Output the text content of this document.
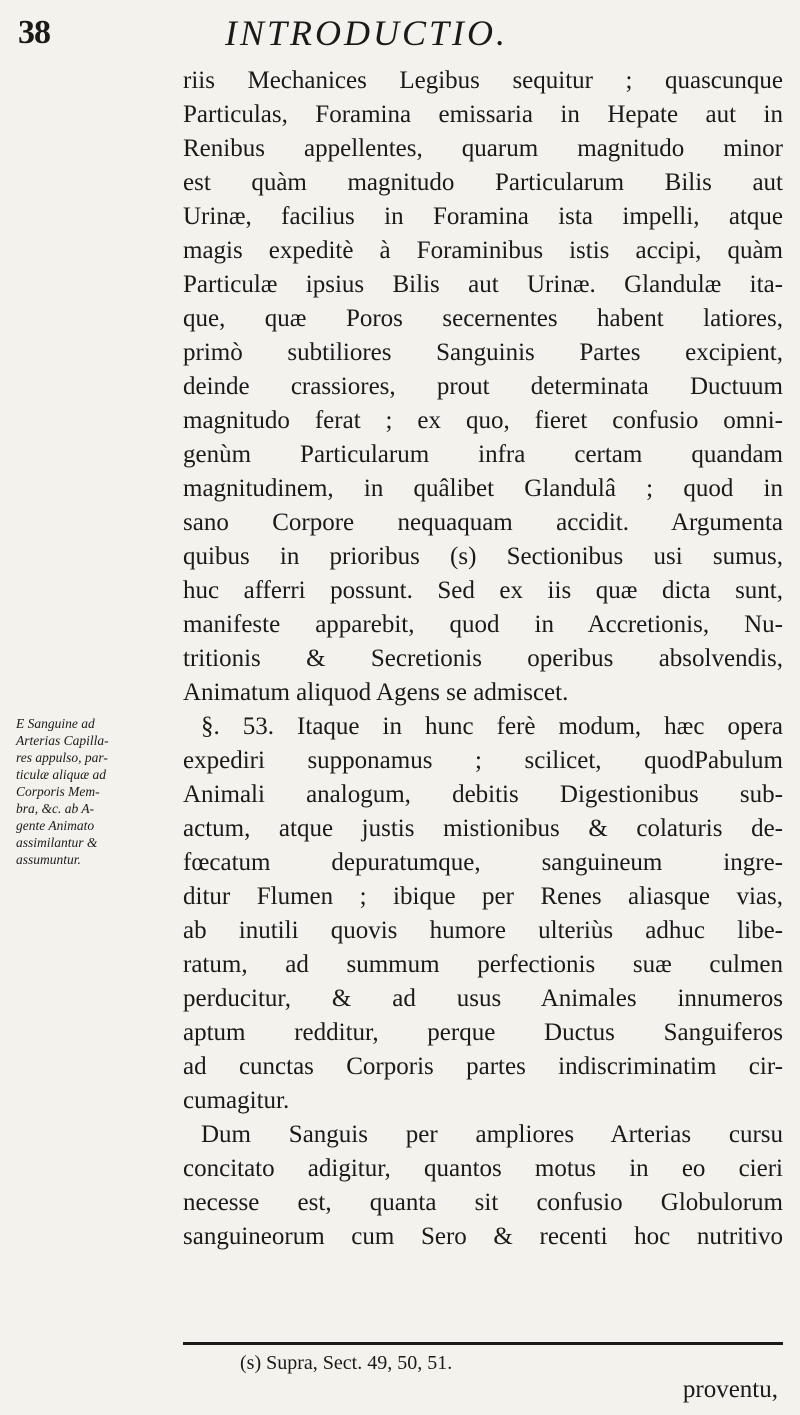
38	INTRODUCTIO.
riis Mechanices Legibus sequitur ; quascunque
Particulas, Foramina emissaria in Hepate aut in
Renibus appellentes, quarum magnitudo minor
est quàm magnitudo Particularum Bilis aut
Urinæ, facilius in Foramina ista impelli, atque
magis expeditè à Foraminibus istis accipi, quàm
Particulæ ipsius Bilis aut Urinæ. Glandulæ ita-
que, quæ Poros secernentes habent latiores,
primò subtiliores Sanguinis Partes excipient,
deinde crassiores, prout determinata Ductuum
magnitudo ferat ; ex quo, fieret confusio omni-
genùm Particularum infra certam quandam
magnitudinem, in quâlibet Glandulâ ; quod in
sano Corpore nequaquam accidit. Argumenta
quibus in prioribus (s) Sectionibus usi sumus,
huc afferri possunt. Sed ex iis quæ dicta sunt,
manifeste apparebit, quod in Accretionis, Nu-
tritionis & Secretionis operibus absolvendis,
Animatum aliquod Agens se admiscet.
§. 53. Itaque in hunc ferè modum, hæc opera
expediri supponamus ; scilicet, quodPabulum
Animali analogum, debitis Digestionibus sub-
actum, atque justis mistionibus & colaturis de-
fœcatum depuratumque, sanguineum ingre-
ditur Flumen ; ibique per Renes aliasque vias,
ab inutili quovis humore ulteriùs adhuc libe-
ratum, ad summum perfectionis suæ culmen
perducitur, & ad usus Animales innumeros
aptum redditur, perque Ductus Sanguiferos
ad cunctas Corporis partes indiscriminatim cir-
cumagitur.
Dum Sanguis per ampliores Arterias cursu
concitato adigitur, quantos motus in eo cieri
necesse est, quanta sit confusio Globulorum
sanguineorum cum Sero & recenti hoc nutritivo
E Sanguine ad
Arterias Capilla-
res appulso, par-
ticulæ aliquæ ad
Corporis Mem-
bra, &c. ab A-
gente Animato
assimilantur &
assumuntur.
(s) Supra, Sect. 49, 50, 51.
proventu,
